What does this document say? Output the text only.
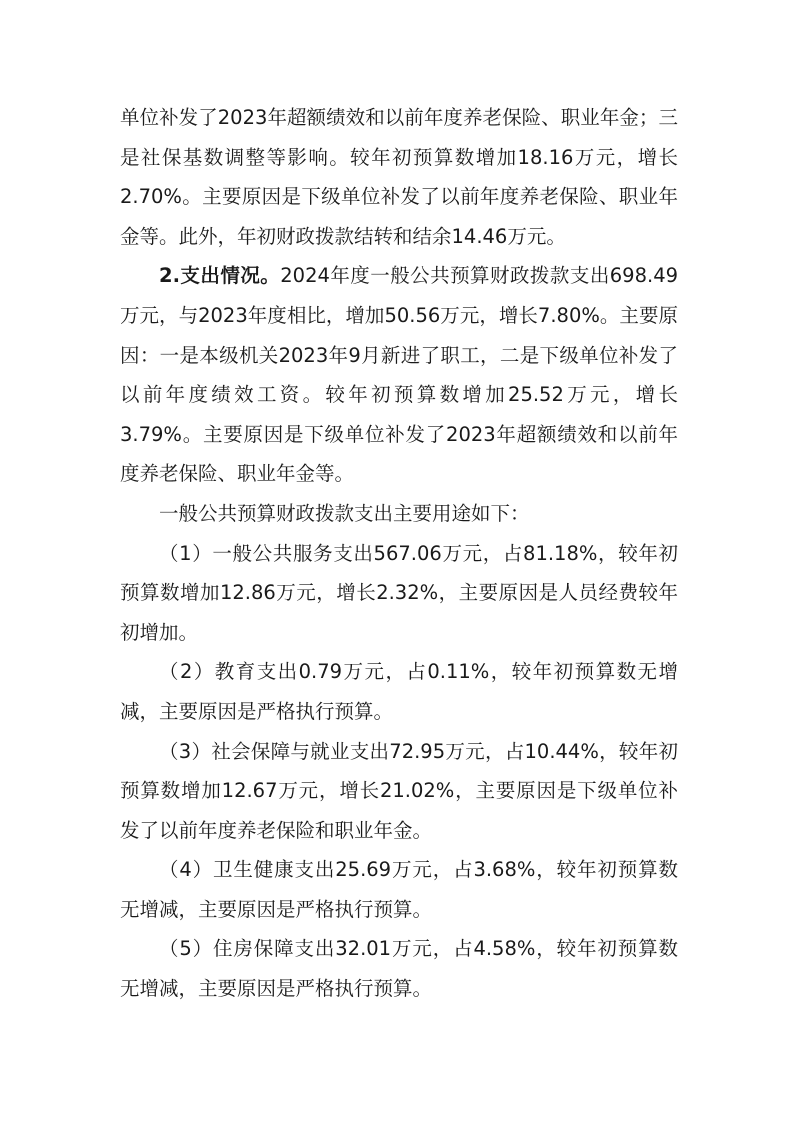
单位补发了2023年超额绩效和以前年度养老保险、职业年金；三是社保基数调整等影响。较年初预算数增加18.16万元，增长2.70%。主要原因是下级单位补发了以前年度养老保险、职业年金等。此外，年初财政拨款结转和结余14.46万元。

2.支出情况。2024年度一般公共预算财政拨款支出698.49万元，与2023年度相比，增加50.56万元，增长7.80%。主要原因：一是本级机关2023年9月新进了职工，二是下级单位补发了以前年度绩效工资。较年初预算数增加25.52万元，增长3.79%。主要原因是下级单位补发了2023年超额绩效和以前年度养老保险、职业年金等。

一般公共预算财政拨款支出主要用途如下：

（1）一般公共服务支出567.06万元，占81.18%，较年初预算数增加12.86万元，增长2.32%，主要原因是人员经费较年初增加。

（2）教育支出0.79万元，占0.11%，较年初预算数无增减，主要原因是严格执行预算。

（3）社会保障与就业支出72.95万元，占10.44%，较年初预算数增加12.67万元，增长21.02%，主要原因是下级单位补发了以前年度养老保险和职业年金。

（4）卫生健康支出25.69万元，占3.68%，较年初预算数无增减，主要原因是严格执行预算。

（5）住房保障支出32.01万元，占4.58%，较年初预算数无增减，主要原因是严格执行预算。
